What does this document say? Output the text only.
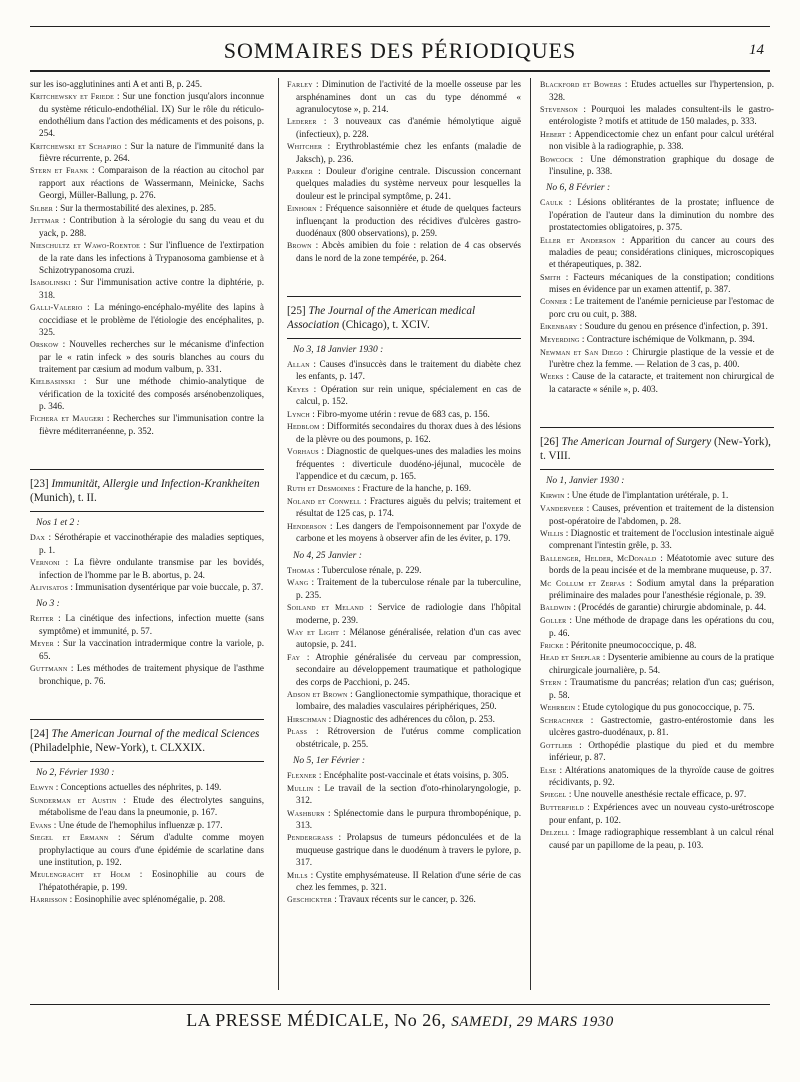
SOMMAIRES DES PÉRIODIQUES	14

sur les iso-agglutinines anti A et anti B, p. 245.

Kritchewsky et Friede : Sur une fonction jusqu'alors inconnue du système réticulo-endothélial. IX) Sur le rôle du réticulo-endothélium dans l'action des médicaments et des poisons, p. 254.

Kritchewski et Schapiro : Sur la nature de l'immunité dans la fièvre récurrente, p. 264.

Stern et Frank : Comparaison de la réaction au citochol par rapport aux réactions de Wassermann, Meinicke, Sachs Georgi, Müller-Ballung, p. 276.

Silber : Sur la thermostabilité des alexines, p. 285.

Jettmar : Contribution à la sérologie du sang du veau et du yack, p. 288.

Nieschultz et Wawo-Roentoe : Sur l'influence de l'extirpation de la rate dans les infections à Trypanosoma gambiense et à Schizotrypanosoma cruzi.

Isabolinski : Sur l'immunisation active contre la diphtérie, p. 318.

Galli-Valerio : La méningo-encéphalo-myélite des lapins à coccidiase et le problème de l'étiologie des encéphalites, p. 325.

Orskow : Nouvelles recherches sur le mécanisme d'infection par le « ratin infeck » des souris blanches au cours du traitement par cæsium ad modum valbum, p. 331.

Kielbasinski : Sur une méthode chimio-analytique de vérification de la toxicité des composés arsénobenzoliques, p. 346.

Fichera et Maugeri : Recherches sur l'immunisation contre la fièvre méditerranéenne, p. 352.

[23] Immunität, Allergie und Infection-Krankheiten (Munich), t. II.
Nos 1 et 2 :

Dax : Sérothérapie et vaccinothérapie des maladies septiques, p. 1.

Vernoni : La fièvre ondulante transmise par les bovidés, infection de l'homme par le B. abortus, p. 24.

Alivisatos : Immunisation dysentérique par voie buccale, p. 37.

No 3 :

Reiter : La cinétique des infections, infection muette (sans symptôme) et immunité, p. 57.

Meyer : Sur la vaccination intradermique contre la variole, p. 65.

Guttmann : Les méthodes de traitement physique de l'asthme bronchique, p. 76.

[24] The American Journal of the medical Sciences (Philadelphie, New-York), t. CLXXIX.
No 2, Février 1930 :

Elwyn : Conceptions actuelles des néphrites, p. 149.

Sunderman et Austin : Etude des électrolytes sanguins, métabolisme de l'eau dans la pneumonie, p. 167.

Evans : Une étude de l'hemophilus influenzæ p. 177.

Siegel et Ermann : Sérum d'adulte comme moyen prophylactique au cours d'une épidémie de scarlatine dans une institution, p. 192.

Meulengracht et Holm : Eosinophilie au cours de l'hépatothérapie, p. 199.

Harrisson : Eosinophilie avec splénomégalie, p. 208.

Farley : Diminution de l'activité de la moelle osseuse par les arsphénamines dont un cas du type dénommé « agranulocytose », p. 214.

Lederer : 3 nouveaux cas d'anémie hémolytique aiguë (infectieux), p. 228.

Whitcher : Erythroblastémie chez les enfants (maladie de Jaksch), p. 236.

Parker : Douleur d'origine centrale. Discussion concernant quelques maladies du système nerveux pour lesquelles la douleur est le principal symptôme, p. 241.

Einhorn : Fréquence saisonnière et étude de quelques facteurs influençant la production des récidives d'ulcères gastro-duodénaux (800 observations), p. 259.

Brown : Abcès amibien du foie : relation de 4 cas observés dans le nord de la zone tempérée, p. 264.

[25] The Journal of the American medical Association (Chicago), t. XCIV.
No 3, 18 Janvier 1930 :

Allan : Causes d'insuccès dans le traitement du diabète chez les enfants, p. 147.

Keyes : Opération sur rein unique, spécialement en cas de calcul, p. 152.

Lynch : Fibro-myome utérin : revue de 683 cas, p. 156.

Hedblom : Difformités secondaires du thorax dues à des lésions de la plèvre ou des poumons, p. 162.

Vorhaus : Diagnostic de quelques-unes des maladies les moins fréquentes : diverticule duodéno-jéjunal, mucocèle de l'appendice et du cæcum, p. 165.

Ruth et Desmoines : Fracture de la hanche, p. 169.

Noland et Conwell : Fractures aiguës du pelvis; traitement et résultat de 125 cas, p. 174.

Henderson : Les dangers de l'empoisonnement par l'oxyde de carbone et les moyens à observer afin de les éviter, p. 179.

No 4, 25 Janvier :

Thomas : Tuberculose rénale, p. 229.

Wang : Traitement de la tuberculose rénale par la tuberculine, p. 235.

Soiland et Meland : Service de radiologie dans l'hôpital moderne, p. 239.

Way et Light : Mélanose généralisée, relation d'un cas avec autopsie, p. 241.

Fay : Atrophie généralisée du cerveau par compression, secondaire au développement traumatique et pathologique des corps de Pacchioni, p. 245.

Adson et Brown : Ganglionectomie sympathique, thoracique et lombaire, des maladies vasculaires périphériques, 250.

Hirschman : Diagnostic des adhérences du côlon, p. 253.

Plass : Rétroversion de l'utérus comme complication obstétricale, p. 255.

No 5, 1er Février :

Flexner : Encéphalite post-vaccinale et états voisins, p. 305.

Mullin : Le travail de la section d'oto-rhinolaryngologie, p. 312.

Washburn : Splénectomie dans le purpura thrombopénique, p. 313.

Pendergrass : Prolapsus de tumeurs pédonculées et de la muqueuse gastrique dans le duodénum à travers le pylore, p. 317.

Mills : Cystite emphysémateuse. II Relation d'une série de cas chez les femmes, p. 321.

Geschickter : Travaux récents sur le cancer, p. 326.

Blackford et Bowers : Etudes actuelles sur l'hypertension, p. 328.

Stevenson : Pourquoi les malades consultent-ils le gastro-entérologiste ? motifs et attitude de 150 malades, p. 333.

Hebert : Appendicectomie chez un enfant pour calcul urétéral non visible à la radiographie, p. 338.

Bowcock : Une démonstration graphique du dosage de l'insuline, p. 338.

No 6, 8 Février :

Caulk : Lésions oblitérantes de la prostate; influence de l'opération de l'auteur dans la diminution du nombre des prostatectomies obligatoires, p. 375.

Eller et Anderson : Apparition du cancer au cours des maladies de peau; considérations cliniques, microscopiques et thérapeutiques, p. 382.

Smith : Facteurs mécaniques de la constipation; conditions mises en évidence par un examen attentif, p. 387.

Conner : Le traitement de l'anémie pernicieuse par l'estomac de porc cru ou cuit, p. 388.

Eikenbary : Soudure du genou en présence d'infection, p. 391.

Meyerding : Contracture ischémique de Volkmann, p. 394.

Newman et San Diego : Chirurgie plastique de la vessie et de l'urètre chez la femme. — Relation de 3 cas, p. 400.

Weeks : Cause de la cataracte, et traitement non chirurgical de la cataracte « sénile », p. 403.

[26] The American Journal of Surgery (New-York), t. VIII.
No 1, Janvier 1930 :

Kirwin : Une étude de l'implantation urétérale, p. 1.

Vanderveer : Causes, prévention et traitement de la distension post-opératoire de l'abdomen, p. 28.

Willis : Diagnostic et traitement de l'occlusion intestinale aiguë comprenant l'intestin grêle, p. 33.

Ballenger, Helder, McDonald : Méatotomie avec suture des bords de la peau incisée et de la membrane muqueuse, p. 37.

Mc Collum et Zerfas : Sodium amytal dans la préparation préliminaire des malades pour l'anesthésie régionale, p. 39.

Baldwin : (Procédés de garantie) chirurgie abdominale, p. 44.

Goller : Une méthode de drapage dans les opérations du cou, p. 46.

Fricke : Péritonite pneumococcique, p. 48.

Head et Sheplar : Dysenterie amibienne au cours de la pratique chirurgicale journalière, p. 54.

Stern : Traumatisme du pancréas; relation d'un cas; guérison, p. 58.

Wehrbein : Etude cytologique du pus gonococcique, p. 75.

Schrachner : Gastrectomie, gastro-entérostomie dans les ulcères gastro-duodénaux, p. 81.

Gottlieb : Orthopédie plastique du pied et du membre inférieur, p. 87.

Else : Altérations anatomiques de la thyroïde cause de goitres récidivants, p. 92.

Spiegel : Une nouvelle anesthésie rectale efficace, p. 97.

Butterfield : Expériences avec un nouveau cysto-urétroscope pour enfant, p. 102.

Delzell : Image radiographique ressemblant à un calcul rénal causé par un papillome de la peau, p. 103.

LA PRESSE MÉDICALE, No 26, SAMEDI, 29 MARS 1930
